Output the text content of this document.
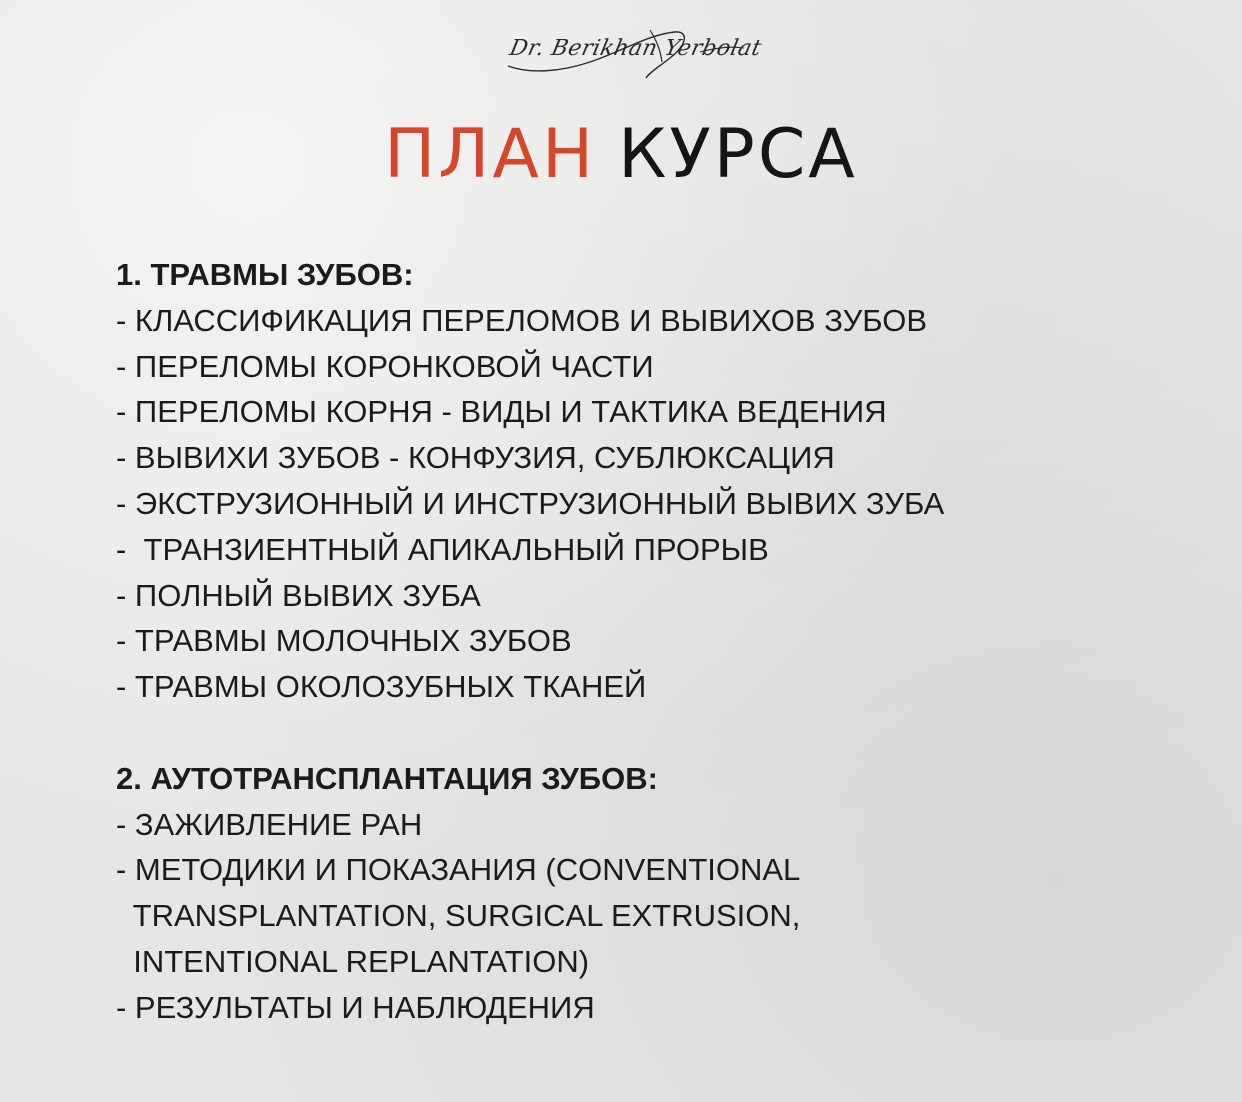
Dr. Berikhan Yerbolat
ПЛАН КУРСА
1. ТРАВМЫ ЗУБОВ:
- КЛАССИФИКАЦИЯ ПЕРЕЛОМОВ И ВЫВИХОВ ЗУБОВ
- ПЕРЕЛОМЫ КОРОНКОВОЙ ЧАСТИ
- ПЕРЕЛОМЫ КОРНЯ - ВИДЫ И ТАКТИКА ВЕДЕНИЯ
- ВЫВИХИ ЗУБОВ - КОНФУЗИЯ, СУБЛЮКСАЦИЯ
- ЭКСТРУЗИОННЫЙ И ИНСТРУЗИОННЫЙ ВЫВИХ ЗУБА
-  ТРАНЗИЕНТНЫЙ АПИКАЛЬНЫЙ ПРОРЫВ
- ПОЛНЫЙ ВЫВИХ ЗУБА
- ТРАВМЫ МОЛОЧНЫХ ЗУБОВ
- ТРАВМЫ ОКОЛОЗУБНЫХ ТКАНЕЙ
2. АУТОТРАНСПЛАНТАЦИЯ ЗУБОВ:
- ЗАЖИВЛЕНИЕ РАН
- МЕТОДИКИ И ПОКАЗАНИЯ (CONVENTIONAL
TRANSPLANTATION, SURGICAL EXTRUSION,
INTENTIONAL REPLANTATION)
- РЕЗУЛЬТАТЫ И НАБЛЮДЕНИЯ
